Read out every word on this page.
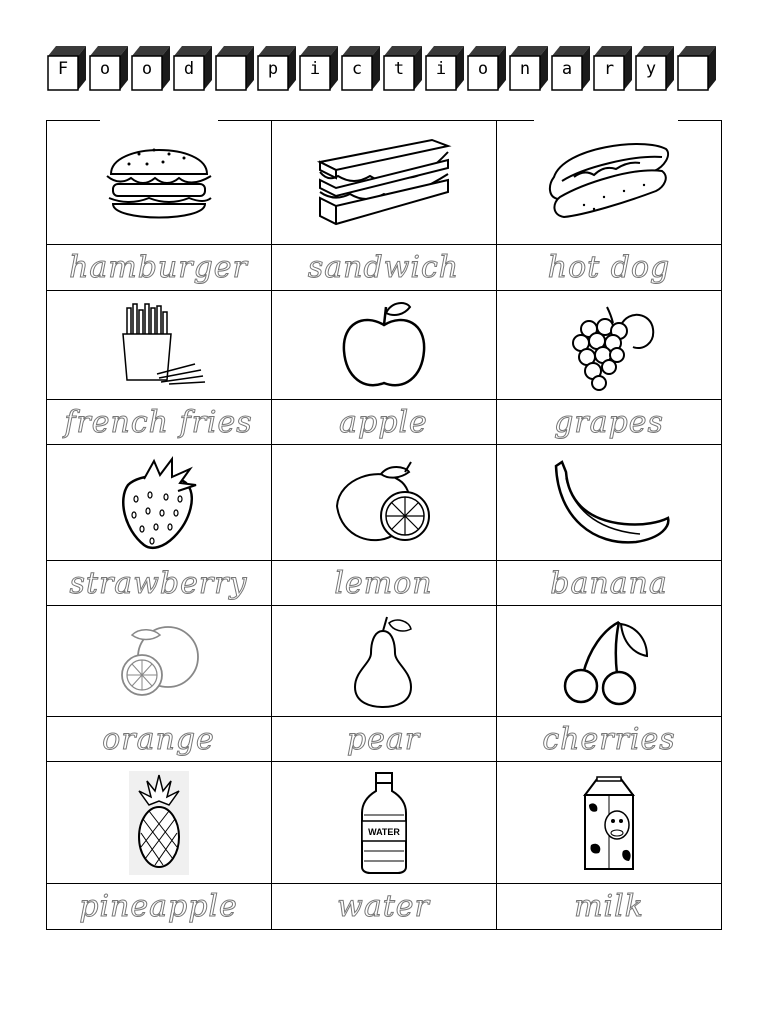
F	o	o	d	p	i	c	t	i	o	n	a	r	y
hamburger	sandwich	hot dog
french fries	apple	grapes
strawberry	lemon	banana
orange	pear	cherries
WATER
pineapple	water	milk
